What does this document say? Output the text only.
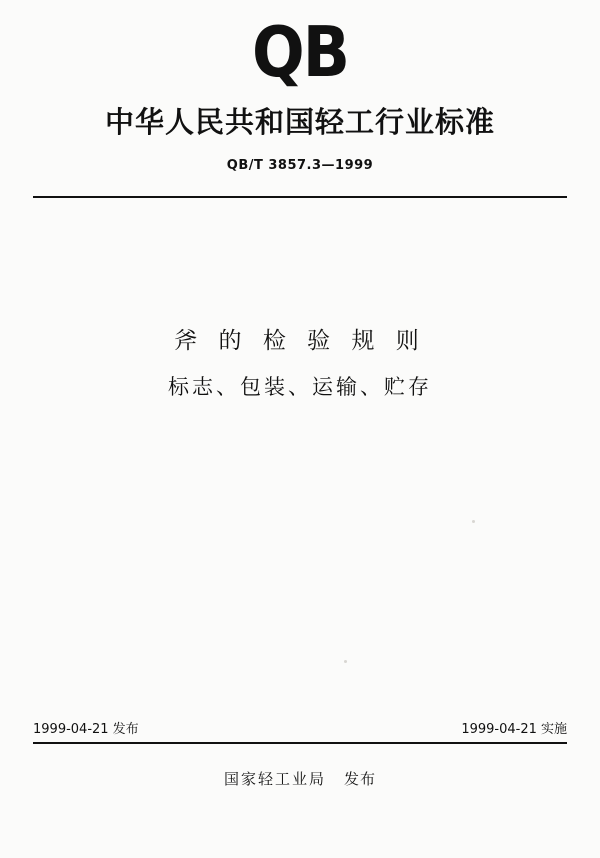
QB
中华人民共和国轻工行业标准
QB/T 3857.3—1999
斧 的 检 验 规 则
标志、包装、运输、贮存
1999-04-21 发布	1999-04-21 实施
国家轻工业局 发布
